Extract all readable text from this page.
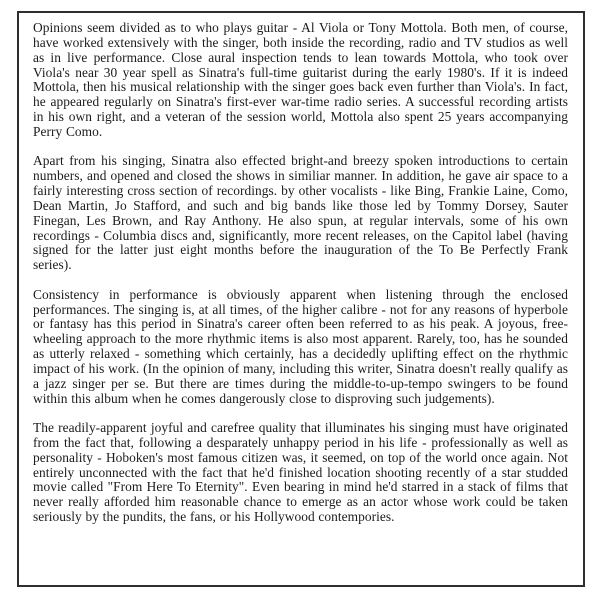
Opinions seem divided as to who plays guitar - Al Viola or Tony Mottola. Both men, of course, have worked extensively with the singer, both inside the recording, radio and TV studios as well as in live performance. Close aural inspection tends to lean towards Mottola, who took over Viola's near 30 year spell as Sinatra's full-time guitarist during the early 1980's. If it is indeed Mottola, then his musical relationship with the singer goes back even further than Viola's. In fact, he appeared regularly on Sinatra's first-ever war-time radio series. A successful recording artists in his own right, and a veteran of the session world, Mottola also spent 25 years accompanying Perry Como.

Apart from his singing, Sinatra also effected bright-and breezy spoken introductions to certain numbers, and opened and closed the shows in similiar manner. In addition, he gave air space to a fairly interesting cross section of recordings. by other vocalists - like Bing, Frankie Laine, Como, Dean Martin, Jo Stafford, and such and big bands like those led by Tommy Dorsey, Sauter Finegan, Les Brown, and Ray Anthony. He also spun, at regular intervals, some of his own recordings - Columbia discs and, significantly, more recent releases, on the Capitol label (having signed for the latter just eight months before the inauguration of the To Be Perfectly Frank series).

Consistency in performance is obviously apparent when listening through the enclosed performances. The singing is, at all times, of the higher calibre - not for any reasons of hyperbole or fantasy has this period in Sinatra's career often been referred to as his peak. A joyous, free-wheeling approach to the more rhythmic items is also most apparent. Rarely, too, has he sounded as utterly relaxed - something which certainly, has a decidedly uplifting effect on the rhythmic impact of his work. (In the opinion of many, including this writer, Sinatra doesn't really qualify as a jazz singer per se. But there are times during the middle-to-up-tempo swingers to be found within this album when he comes dangerously close to disproving such judgements).

The readily-apparent joyful and carefree quality that illuminates his singing must have originated from the fact that, following a desparately unhappy period in his life - professionally as well as personality - Hoboken's most famous citizen was, it seemed, on top of the world once again. Not entirely unconnected with the fact that he'd finished location shooting recently of a star studded movie called "From Here To Eternity". Even bearing in mind he'd starred in a stack of films that never really afforded him reasonable chance to emerge as an actor whose work could be taken seriously by the pundits, the fans, or his Hollywood contempories.
